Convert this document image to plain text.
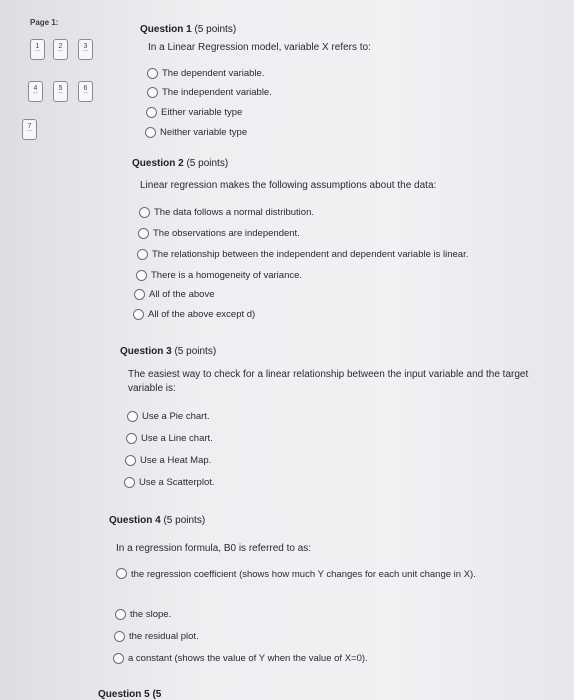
Page 1:
1
--
2
--
3
--
4
--
5
--
6
--
7
--
Question 1 (5 points)
In a Linear Regression model, variable X refers to:
The dependent variable.
The independent variable.
Either variable type
Neither variable type
Question 2 (5 points)
Linear regression makes the following assumptions about the data:
The data follows a normal distribution.
The observations are independent.
The relationship between the independent and dependent variable is linear.
There is a homogeneity of variance.
All of the above
All of the above except d)
Question 3 (5 points)
The easiest way to check for a linear relationship between the input variable and the target variable is:
Use a Pie chart.
Use a Line chart.
Use a Heat Map.
Use a Scatterplot.
Question 4 (5 points)
In a regression formula, B0 is referred to as:
the regression coefficient (shows how much Y changes for each unit change in X).
the slope.
the residual plot.
a constant (shows the value of Y when the value of X=0).
Question 5 (5
